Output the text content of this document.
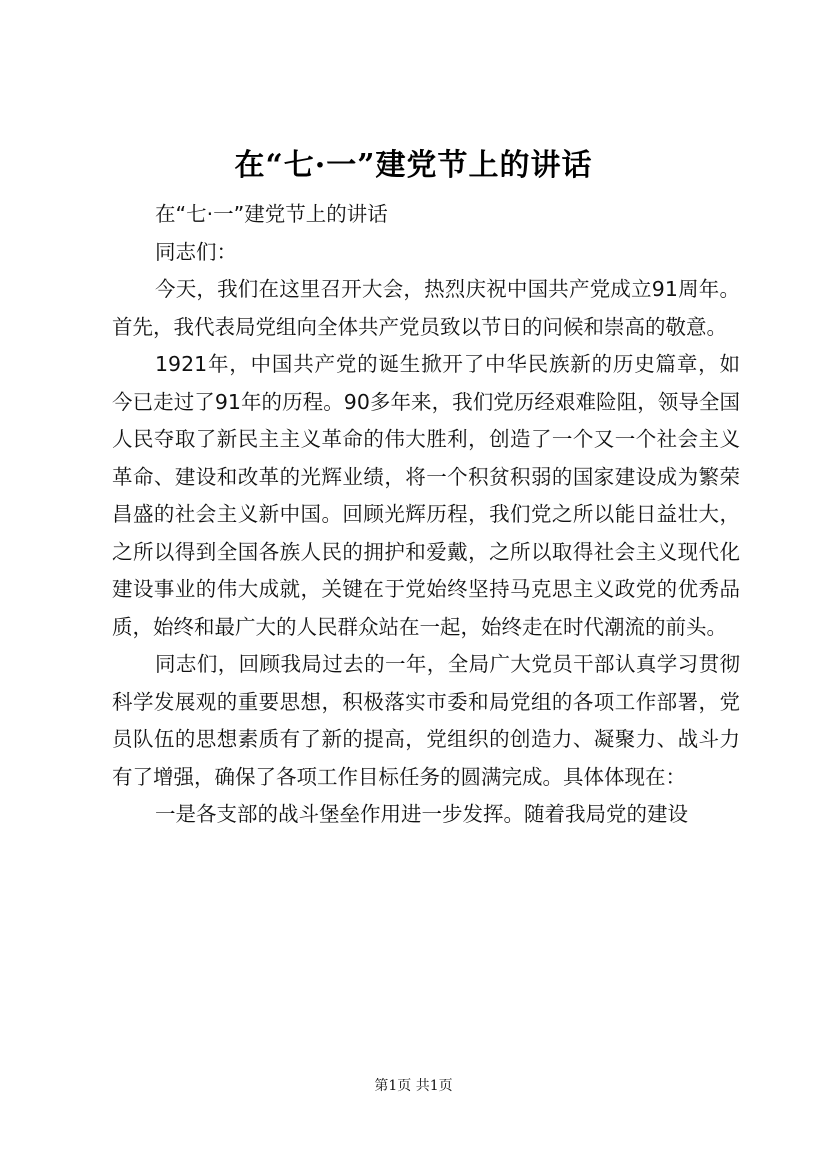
在“七·一”建党节上的讲话

在“七·一”建党节上的讲话

同志们：

今天，我们在这里召开大会，热烈庆祝中国共产党成立91周年。首先，我代表局党组向全体共产党员致以节日的问候和崇高的敬意。

1921年，中国共产党的诞生掀开了中华民族新的历史篇章，如今已走过了91年的历程。90多年来，我们党历经艰难险阻，领导全国人民夺取了新民主主义革命的伟大胜利，创造了一个又一个社会主义革命、建设和改革的光辉业绩，将一个积贫积弱的国家建设成为繁荣昌盛的社会主义新中国。回顾光辉历程，我们党之所以能日益壮大，之所以得到全国各族人民的拥护和爱戴，之所以取得社会主义现代化建设事业的伟大成就，关键在于党始终坚持马克思主义政党的优秀品质，始终和最广大的人民群众站在一起，始终走在时代潮流的前头。

同志们，回顾我局过去的一年，全局广大党员干部认真学习贯彻科学发展观的重要思想，积极落实市委和局党组的各项工作部署，党员队伍的思想素质有了新的提高，党组织的创造力、凝聚力、战斗力有了增强，确保了各项工作目标任务的圆满完成。具体体现在：

一是各支部的战斗堡垒作用进一步发挥。随着我局党的建设

第1页 共1页
